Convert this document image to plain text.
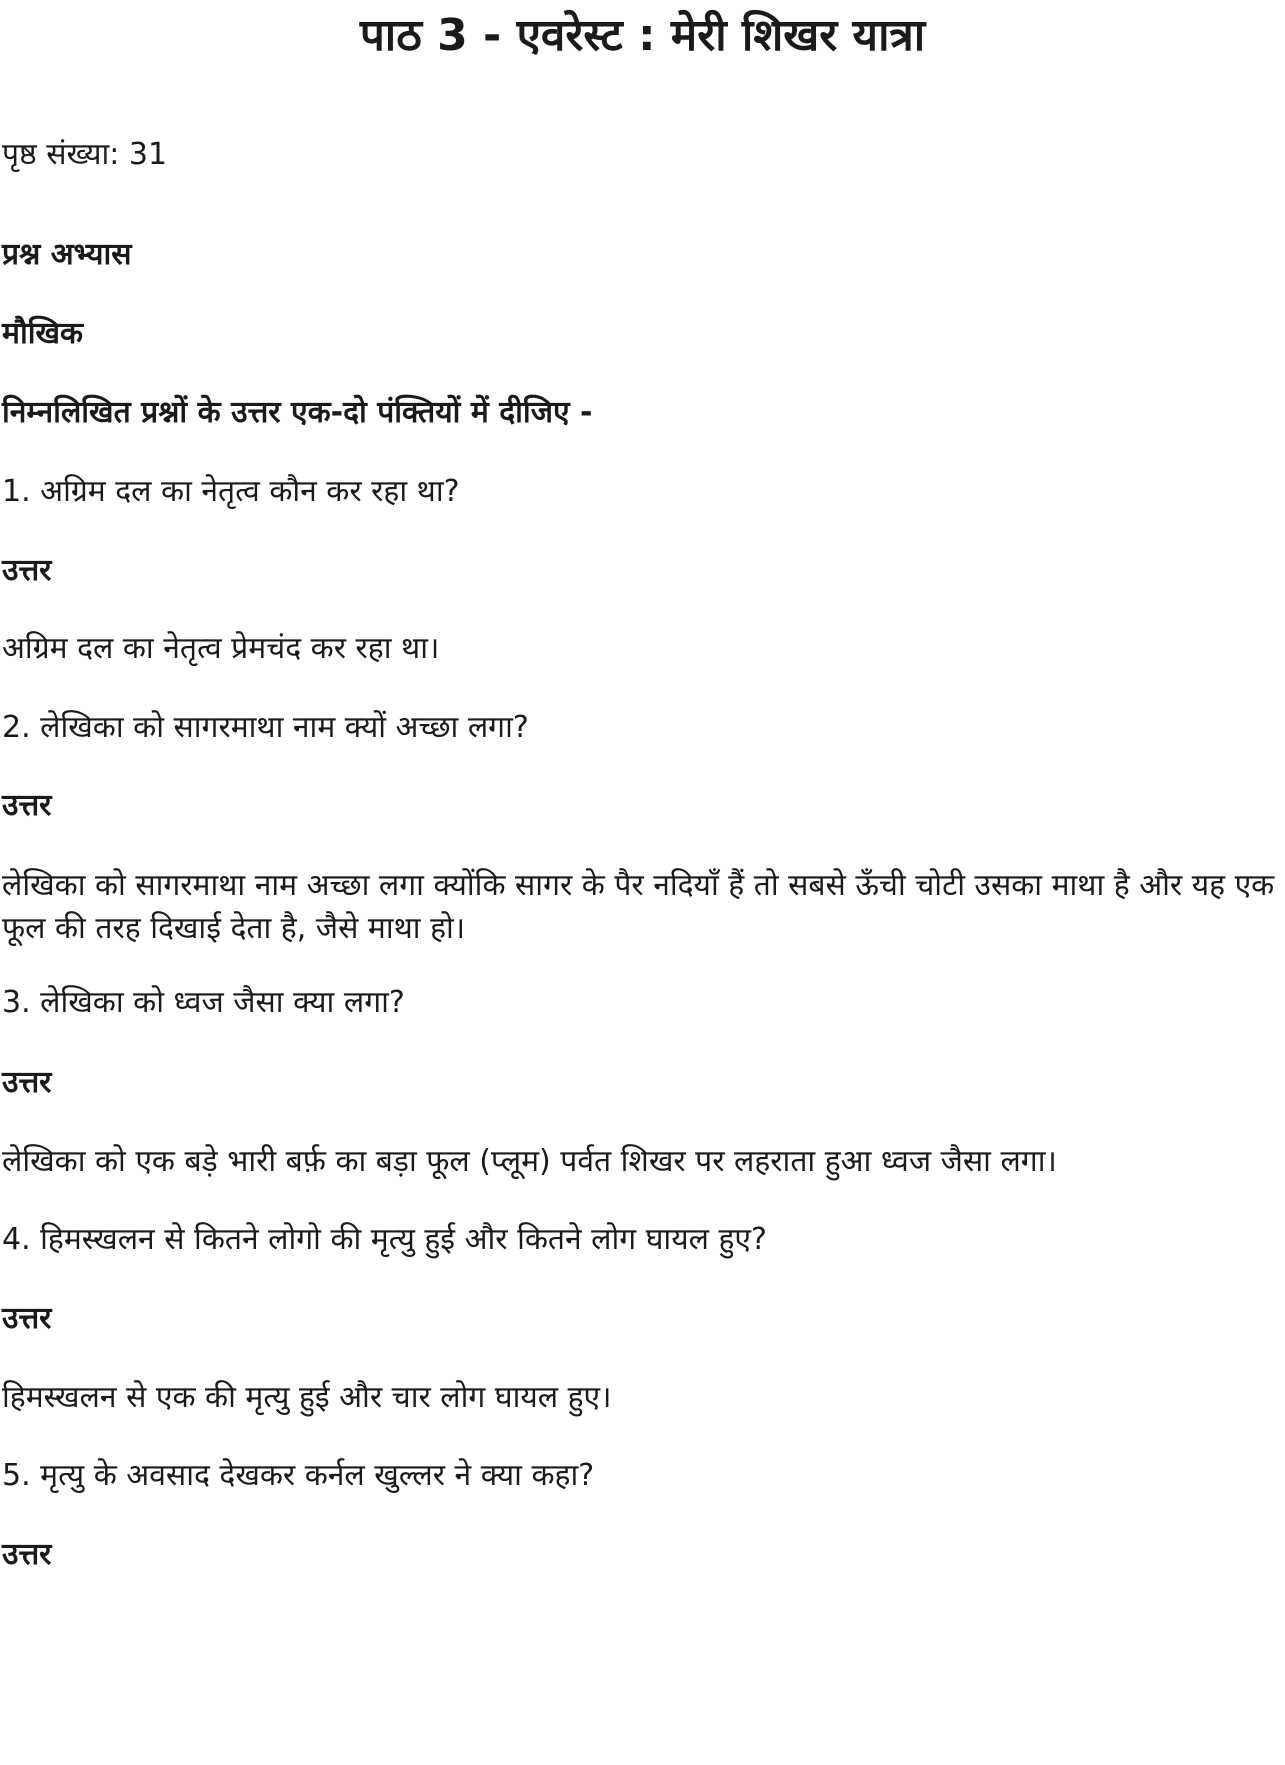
पाठ 3 - एवरेस्ट : मेरी शिखर यात्रा
पृष्ठ संख्या: 31
प्रश्न अभ्यास
मौखिक
निम्नलिखित प्रश्नों के उत्तर एक-दो पंक्तियों में दीजिए -
1. अग्रिम दल का नेतृत्व कौन कर रहा था?
उत्तर
अग्रिम दल का नेतृत्व प्रेमचंद कर रहा था।
2. लेखिका को सागरमाथा नाम क्यों अच्छा लगा?
उत्तर
लेखिका को सागरमाथा नाम अच्छा लगा क्योंकि सागर के पैर नदियाँ हैं तो सबसे ऊँची चोटी उसका माथा है और यह एक फूल की तरह दिखाई देता है, जैसे माथा हो।
3. लेखिका को ध्वज जैसा क्या लगा?
उत्तर
लेखिका को एक बड़े भारी बर्फ़ का बड़ा फूल (प्लूम) पर्वत शिखर पर लहराता हुआ ध्वज जैसा लगा।
4. हिमस्खलन से कितने लोगो की मृत्यु हुई और कितने लोग घायल हुए?
उत्तर
हिमस्खलन से एक की मृत्यु हुई और चार लोग घायल हुए।
5. मृत्यु के अवसाद देखकर कर्नल खुल्लर ने क्या कहा?
उत्तर
